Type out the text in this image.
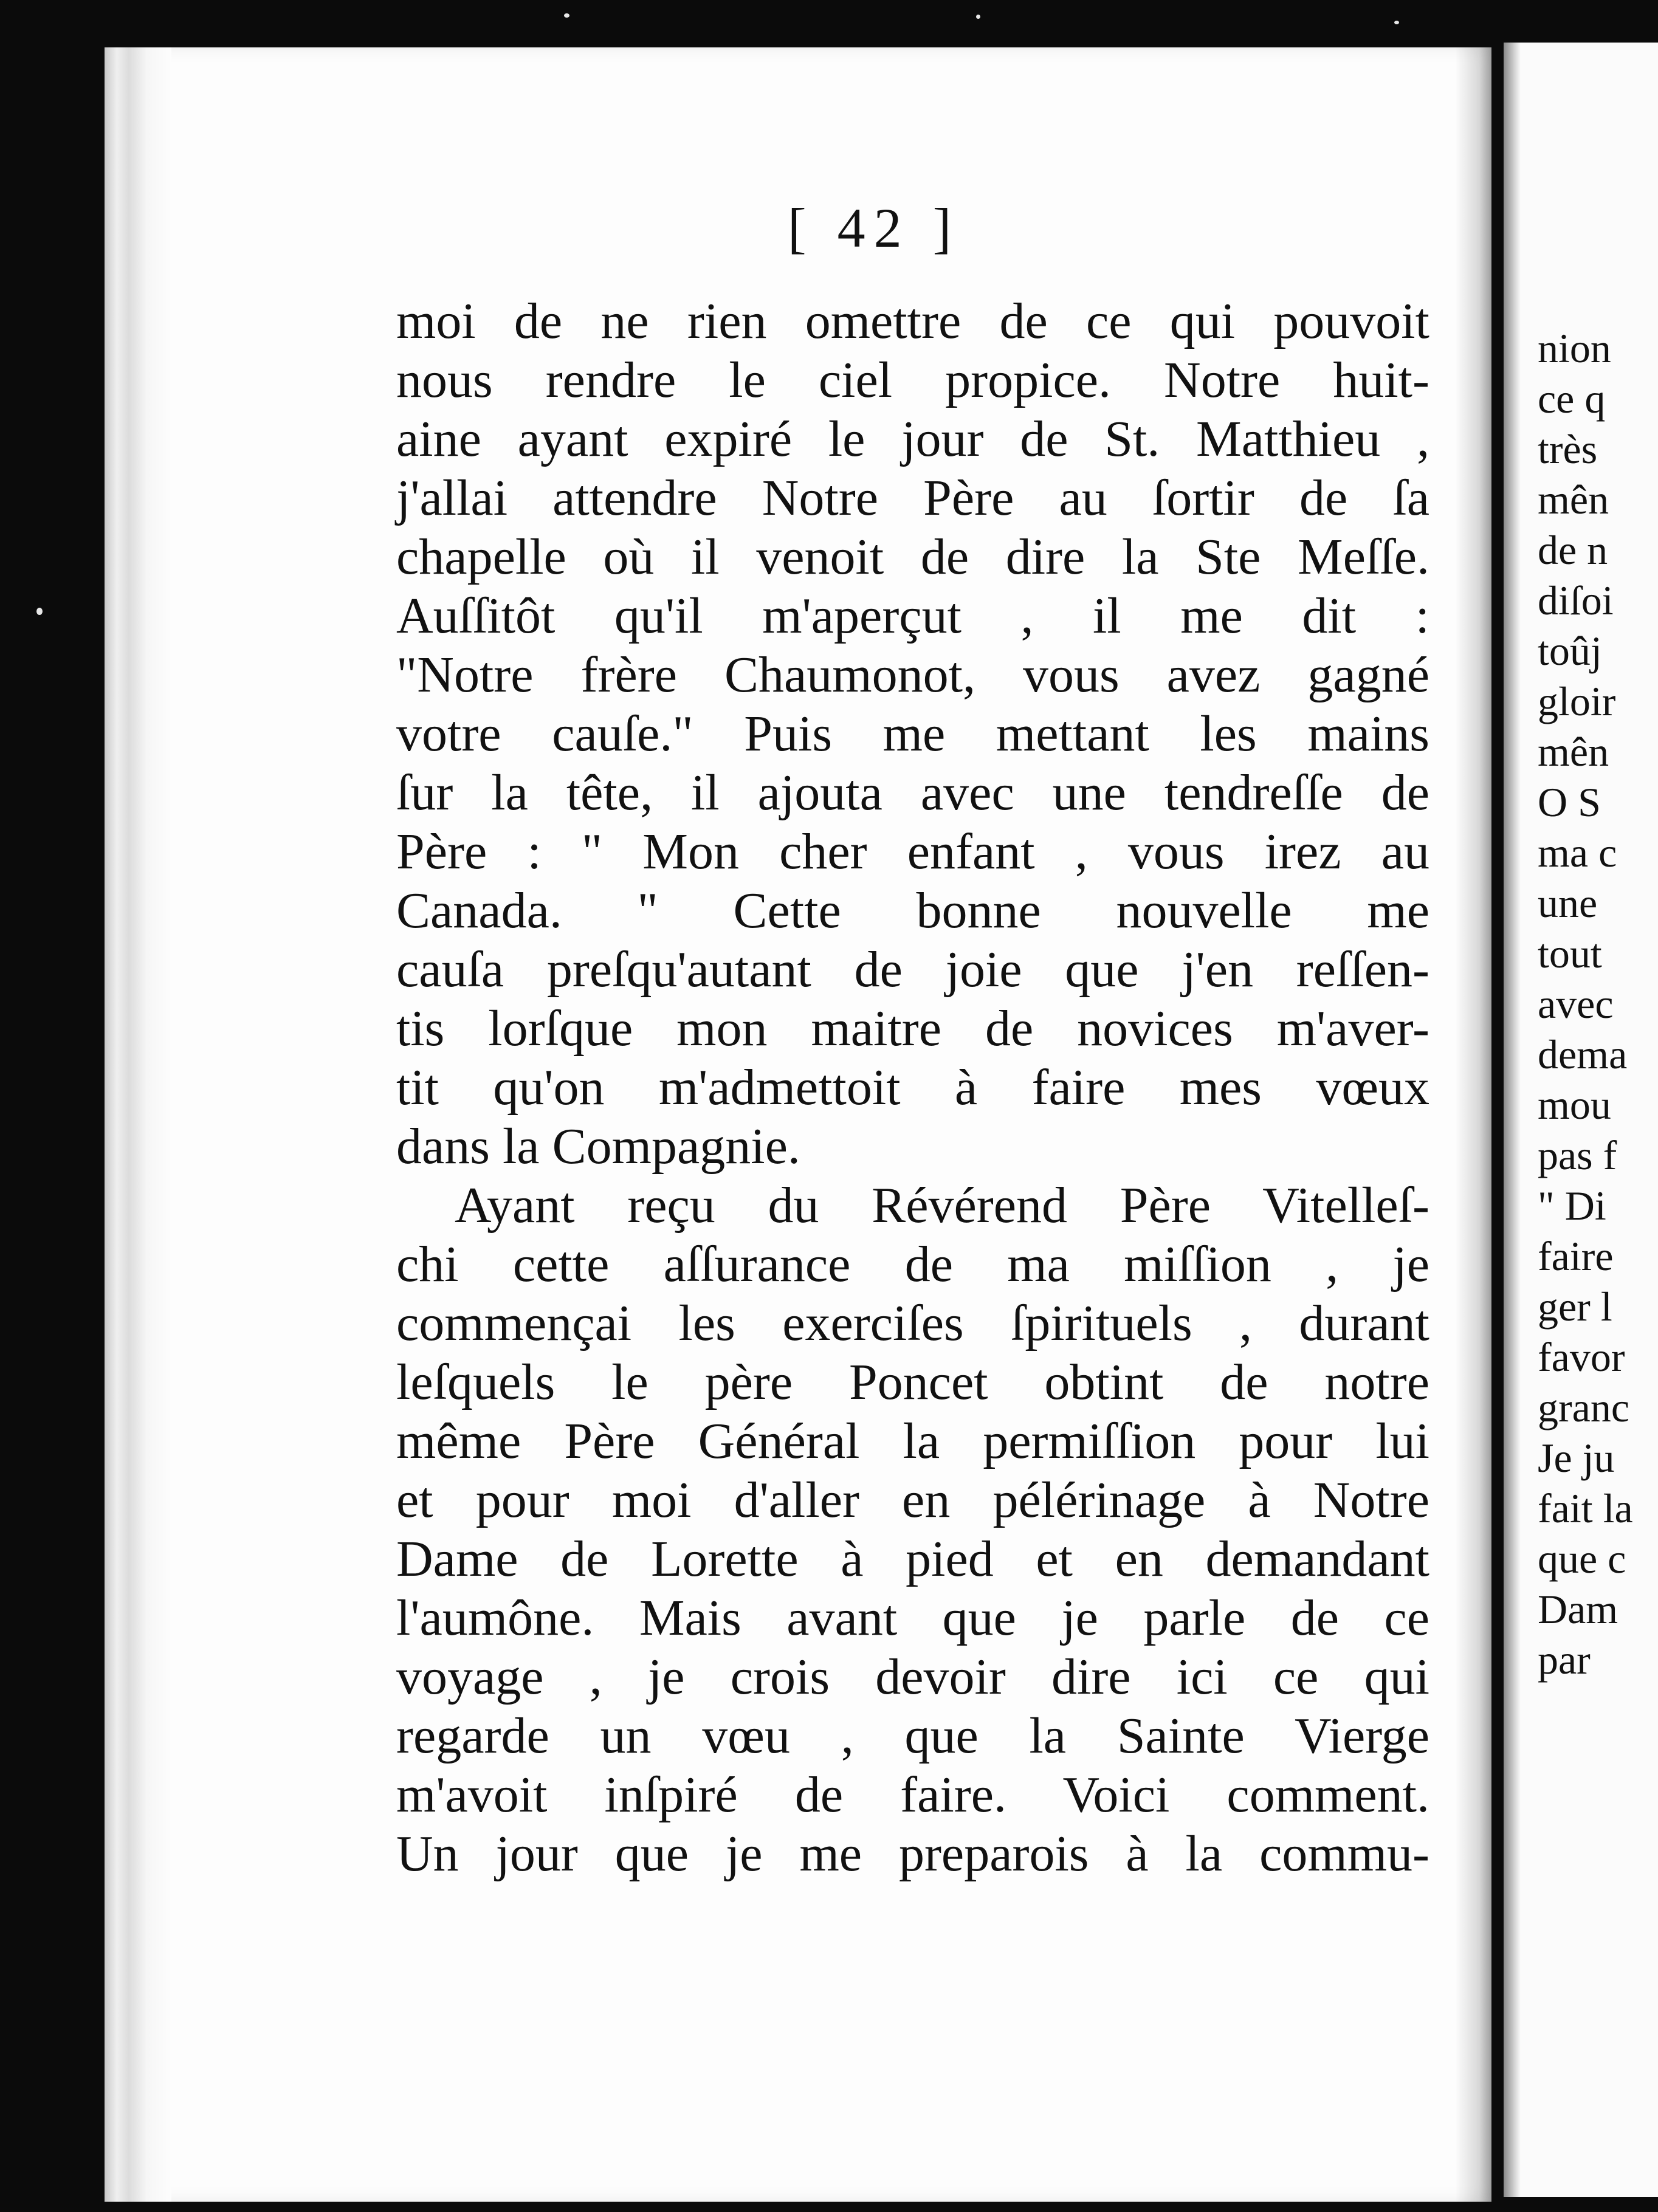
[ 42 ]
moi de ne rien omettre de ce qui pouvoit
nous rendre le ciel propice. Notre huit-
aine ayant expiré le jour de St. Matthieu ,
j'allai attendre Notre Père au ſortir de ſa
chapelle où il venoit de dire la Ste Meſſe.
Auſſitôt qu'il m'aperçut , il me dit :
"Notre frère Chaumonot, vous avez gagné
votre cauſe." Puis me mettant les mains
ſur la tête, il ajouta avec une tendreſſe de
Père : " Mon cher enfant , vous irez au
Canada. " Cette bonne nouvelle me
cauſa preſqu'autant de joie que j'en reſſen-
tis lorſque mon maitre de novices m'aver-
tit qu'on m'admettoit à faire mes vœux
dans la Compagnie.
Ayant reçu du Révérend Père Vitelleſ-
chi cette aſſurance de ma miſſion , je
commençai les exerciſes ſpirituels , durant
leſquels le père Poncet obtint de notre
même Père Général la permiſſion pour lui
et pour moi d'aller en pélérinage à Notre
Dame de Lorette à pied et en demandant
l'aumône. Mais avant que je parle de ce
voyage , je crois devoir dire ici ce qui
regarde un vœu , que la Sainte Vierge
m'avoit inſpiré de faire. Voici comment.
Un jour que je me preparois à la commu-
nion
ce q
très
mên
de n
diſoi
toûj
gloir
mên
O S
ma c
une
tout
avec
dema
mou
pas f
" Di
faire
ger l
favor
granc
Je ju
fait la
que c
Dam
par
